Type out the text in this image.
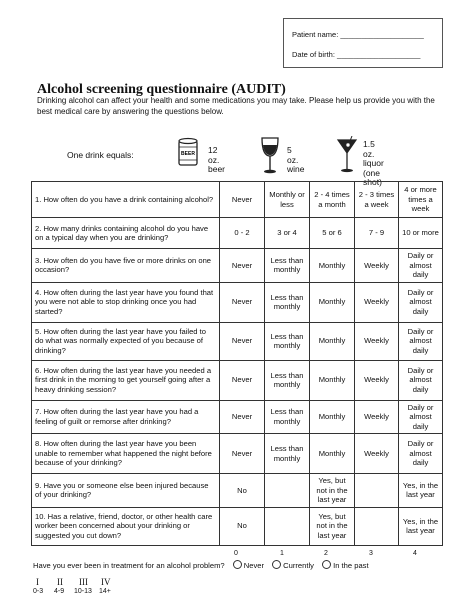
Patient name: ____________________
Date of birth: ____________________
Alcohol screening questionnaire (AUDIT)

Drinking alcohol can affect your health and some medications you may take. Please help us provide you with the best medical care by answering the questions below.

One drink equals:	BEER 12 oz.
beer
5 oz.
wine
1.5 oz.
liquor
(one shot)
1. How often do you have a drink containing alcohol?	Never	Monthly or less	2 - 4 times a month	2 - 3 times a week	4 or more times a week
2. How many drinks containing alcohol do you have on a typical day when you are drinking?	0 - 2	3 or 4	5 or 6	7 - 9	10 or more
3. How often do you have five or more drinks on one occasion?	Never	Less than monthly	Monthly	Weekly	Daily or almost daily
4. How often during the last year have you found that you were not able to stop drinking once you had started?	Never	Less than monthly	Monthly	Weekly	Daily or almost daily
5. How often during the last year have you failed to do what was normally expected of you because of drinking?	Never	Less than monthly	Monthly	Weekly	Daily or almost daily
6. How often during the last year have you needed a first drink in the morning to get yourself going after a heavy drinking session?	Never	Less than monthly	Monthly	Weekly	Daily or almost daily
7. How often during the last year have you had a feeling of guilt or remorse after drinking?	Never	Less than monthly	Monthly	Weekly	Daily or almost daily
8. How often during the last year have you been unable to remember what happened the night before because of your drinking?	Never	Less than monthly	Monthly	Weekly	Daily or almost daily
9. Have you or someone else been injured because of your drinking?	No		Yes, but not in the last year		Yes, in the last year
10. Has a relative, friend, doctor, or other health care worker been concerned about your drinking or suggested you cut down?	No		Yes, but not in the last year		Yes, in the last year
0	1	2	3	4
Have you ever been in treatment for an alcohol problem?	Never	Currently	In the past
I
0-3
II
4-9
III
10-13
IV
14+
